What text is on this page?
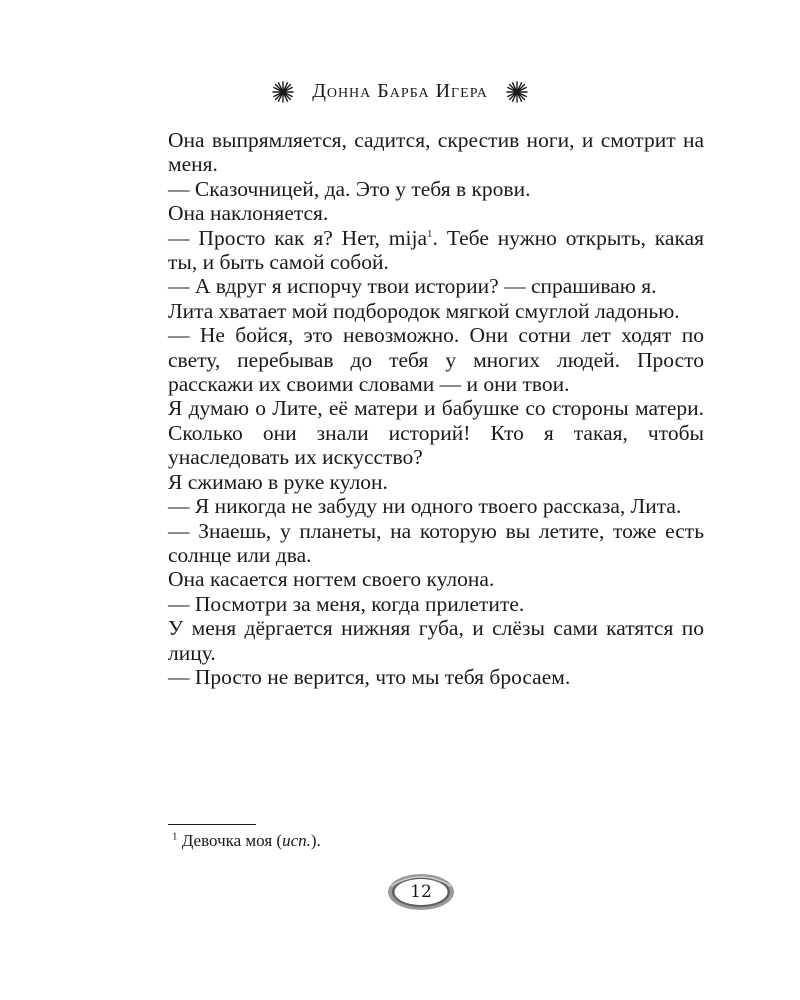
Донна Барба Игера

Она выпрямляется, садится, скрестив ноги, и смотрит на меня.

— Сказочницей, да. Это у тебя в крови.

Она наклоняется.

— Просто как я? Нет, mija$^1$. Тебе нужно открыть, какая ты, и быть самой собой.

— А вдруг я испорчу твои истории? — спрашиваю я.

Лита хватает мой подбородок мягкой смуглой ладонью.

— Не бойся, это невозможно. Они сотни лет ходят по свету, перебывав до тебя у многих людей. Просто расскажи их своими словами — и они твои.

Я думаю о Лите, её матери и бабушке со стороны матери. Сколько они знали историй! Кто я такая, чтобы унаследовать их искусство?

Я сжимаю в руке кулон.

— Я никогда не забуду ни одного твоего рассказа, Лита.

— Знаешь, у планеты, на которую вы летите, тоже есть солнце или два.

Она касается ногтем своего кулона.

— Посмотри за меня, когда прилетите.

У меня дёргается нижняя губа, и слёзы сами катятся по лицу.

— Просто не верится, что мы тебя бросаем.

$^1$ Девочка моя (исп.).
12
